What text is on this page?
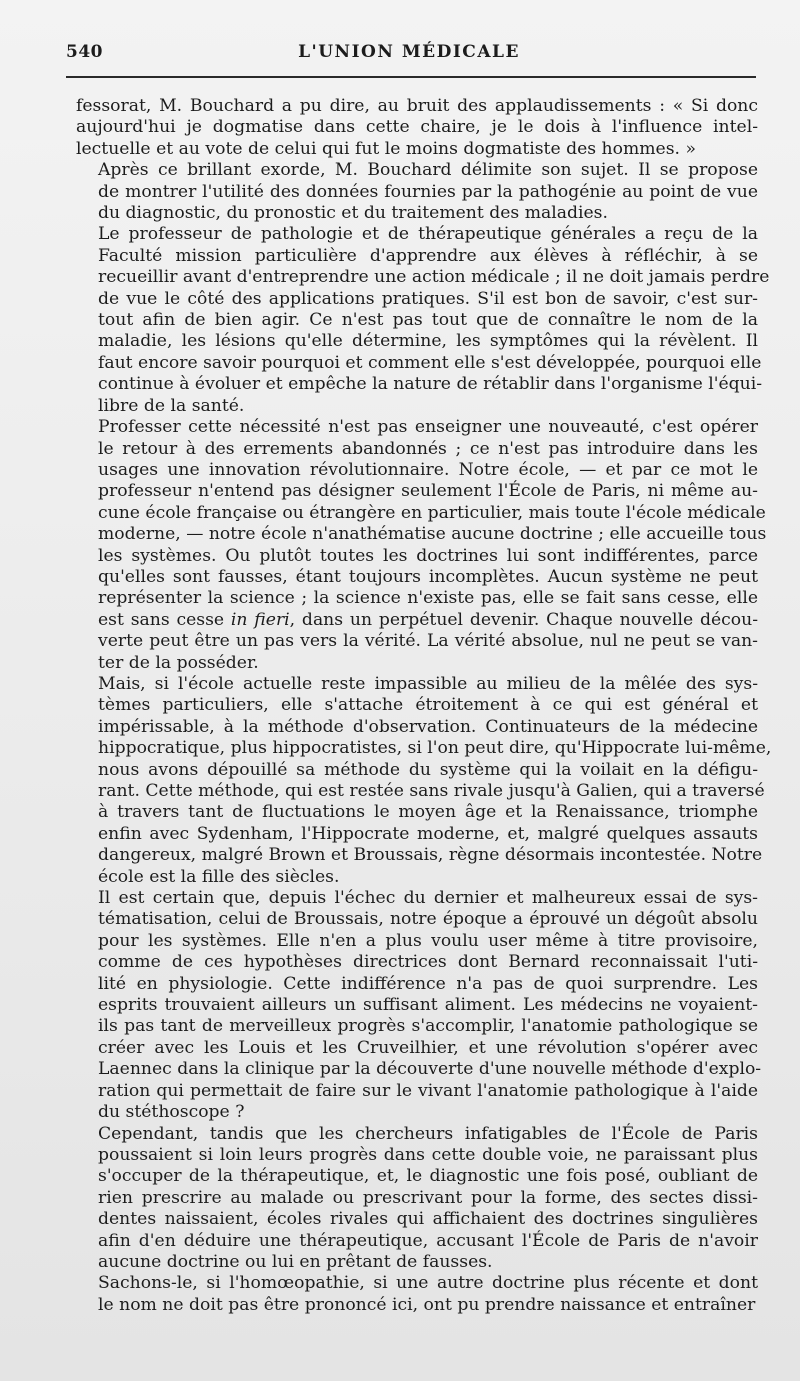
540	L'UNION MÉDICALE
fessorat, M. Bouchard a pu dire, au bruit des applaudissements : « Si donc
aujourd'hui je dogmatise dans cette chaire, je le dois à l'influence intel-
lectuelle et au vote de celui qui fut le moins dogmatiste des hommes. »
Après ce brillant exorde, M. Bouchard délimite son sujet. Il se propose
de montrer l'utilité des données fournies par la pathogénie au point de vue
du diagnostic, du pronostic et du traitement des maladies.
Le professeur de pathologie et de thérapeutique générales a reçu de la
Faculté mission particulière d'apprendre aux élèves à réfléchir, à se
recueillir avant d'entreprendre une action médicale ; il ne doit jamais perdre
de vue le côté des applications pratiques. S'il est bon de savoir, c'est sur-
tout afin de bien agir. Ce n'est pas tout que de connaître le nom de la
maladie, les lésions qu'elle détermine, les symptômes qui la révèlent. Il
faut encore savoir pourquoi et comment elle s'est développée, pourquoi elle
continue à évoluer et empêche la nature de rétablir dans l'organisme l'équi-
libre de la santé.
Professer cette nécessité n'est pas enseigner une nouveauté, c'est opérer
le retour à des errements abandonnés ; ce n'est pas introduire dans les
usages une innovation révolutionnaire. Notre école, — et par ce mot le
professeur n'entend pas désigner seulement l'École de Paris, ni même au-
cune école française ou étrangère en particulier, mais toute l'école médicale
moderne, — notre école n'anathématise aucune doctrine ; elle accueille tous
les systèmes. Ou plutôt toutes les doctrines lui sont indifférentes, parce
qu'elles sont fausses, étant toujours incomplètes. Aucun système ne peut
représenter la science ; la science n'existe pas, elle se fait sans cesse, elle
est sans cesse in fieri, dans un perpétuel devenir. Chaque nouvelle décou-
verte peut être un pas vers la vérité. La vérité absolue, nul ne peut se van-
ter de la posséder.
Mais, si l'école actuelle reste impassible au milieu de la mêlée des sys-
tèmes particuliers, elle s'attache étroitement à ce qui est général et
impérissable, à la méthode d'observation. Continuateurs de la médecine
hippocratique, plus hippocratistes, si l'on peut dire, qu'Hippocrate lui-même,
nous avons dépouillé sa méthode du système qui la voilait en la défigu-
rant. Cette méthode, qui est restée sans rivale jusqu'à Galien, qui a traversé
à travers tant de fluctuations le moyen âge et la Renaissance, triomphe
enfin avec Sydenham, l'Hippocrate moderne, et, malgré quelques assauts
dangereux, malgré Brown et Broussais, règne désormais incontestée. Notre
école est la fille des siècles.
Il est certain que, depuis l'échec du dernier et malheureux essai de sys-
tématisation, celui de Broussais, notre époque a éprouvé un dégoût absolu
pour les systèmes. Elle n'en a plus voulu user même à titre provisoire,
comme de ces hypothèses directrices dont Bernard reconnaissait l'uti-
lité en physiologie. Cette indifférence n'a pas de quoi surprendre. Les
esprits trouvaient ailleurs un suffisant aliment. Les médecins ne voyaient-
ils pas tant de merveilleux progrès s'accomplir, l'anatomie pathologique se
créer avec les Louis et les Cruveilhier, et une révolution s'opérer avec
Laennec dans la clinique par la découverte d'une nouvelle méthode d'explo-
ration qui permettait de faire sur le vivant l'anatomie pathologique à l'aide
du stéthoscope ?
Cependant, tandis que les chercheurs infatigables de l'École de Paris
poussaient si loin leurs progrès dans cette double voie, ne paraissant plus
s'occuper de la thérapeutique, et, le diagnostic une fois posé, oubliant de
rien prescrire au malade ou prescrivant pour la forme, des sectes dissi-
dentes naissaient, écoles rivales qui affichaient des doctrines singulières
afin d'en déduire une thérapeutique, accusant l'École de Paris de n'avoir
aucune doctrine ou lui en prêtant de fausses.
Sachons-le, si l'homœopathie, si une autre doctrine plus récente et dont
le nom ne doit pas être prononcé ici, ont pu prendre naissance et entraîner
